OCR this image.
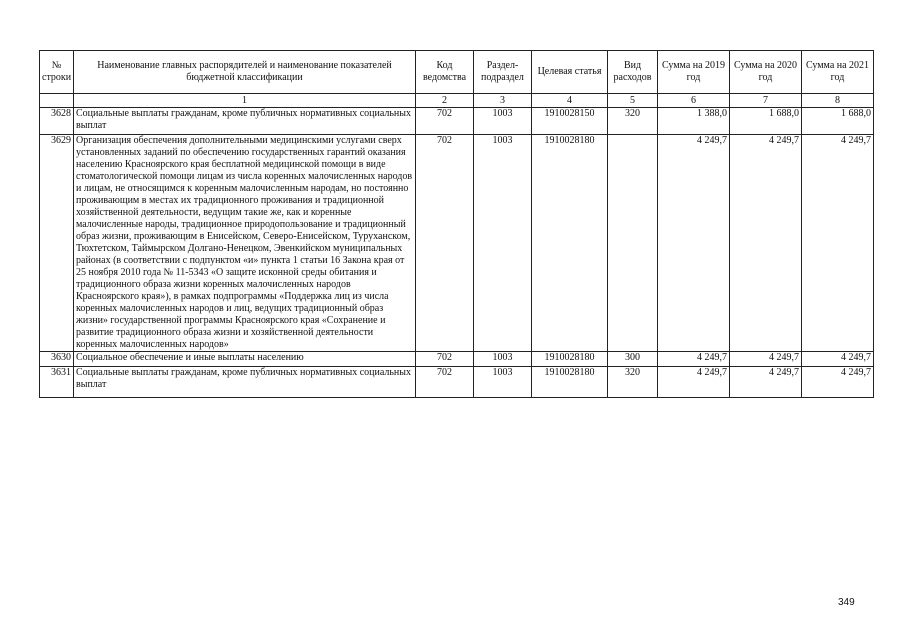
№ строки	Наименование главных распорядителей и наименование показателей бюджетной классификации	Код ведомства	Раздел-подраздел	Целевая статья	Вид расходов	Сумма на 2019 год	Сумма на 2020 год	Сумма на 2021 год
	1	2	3	4	5	6	7	8
3628	Социальные выплаты гражданам, кроме публичных нормативных социальных выплат	702	1003	1910028150	320	1 388,0	1 688,0	1 688,0
3629	Организация обеспечения дополнительными медицинскими услугами сверх установленных заданий по обеспечению государственных гарантий оказания населению Красноярского края бесплатной медицинской помощи в виде стоматологической помощи лицам из числа коренных малочисленных народов и лицам, не относящимся к коренным малочисленным народам, но постоянно проживающим в местах их традиционного проживания и традиционной хозяйственной деятельности, ведущим такие же, как и коренные малочисленные народы, традиционное природопользование и традиционный образ жизни, проживающим в Енисейском, Северо-Енисейском, Туруханском, Тюхтетском, Таймырском Долгано-Ненецком, Эвенкийском муниципальных районах (в соответствии с подпунктом «и» пункта 1 статьи 16 Закона края от 25 ноября 2010 года № 11-5343 «О защите исконной среды обитания и традиционного образа жизни коренных малочисленных народов Красноярского края»), в рамках подпрограммы «Поддержка лиц из числа коренных малочисленных народов и лиц, ведущих традиционный образ жизни» государственной программы Красноярского края «Сохранение и развитие традиционного образа жизни и хозяйственной деятельности коренных малочисленных народов»	702	1003	1910028180		4 249,7	4 249,7	4 249,7
3630	Социальное обеспечение и иные выплаты населению	702	1003	1910028180	300	4 249,7	4 249,7	4 249,7
3631	Социальные выплаты гражданам, кроме публичных нормативных социальных выплат	702	1003	1910028180	320	4 249,7	4 249,7	4 249,7
349
